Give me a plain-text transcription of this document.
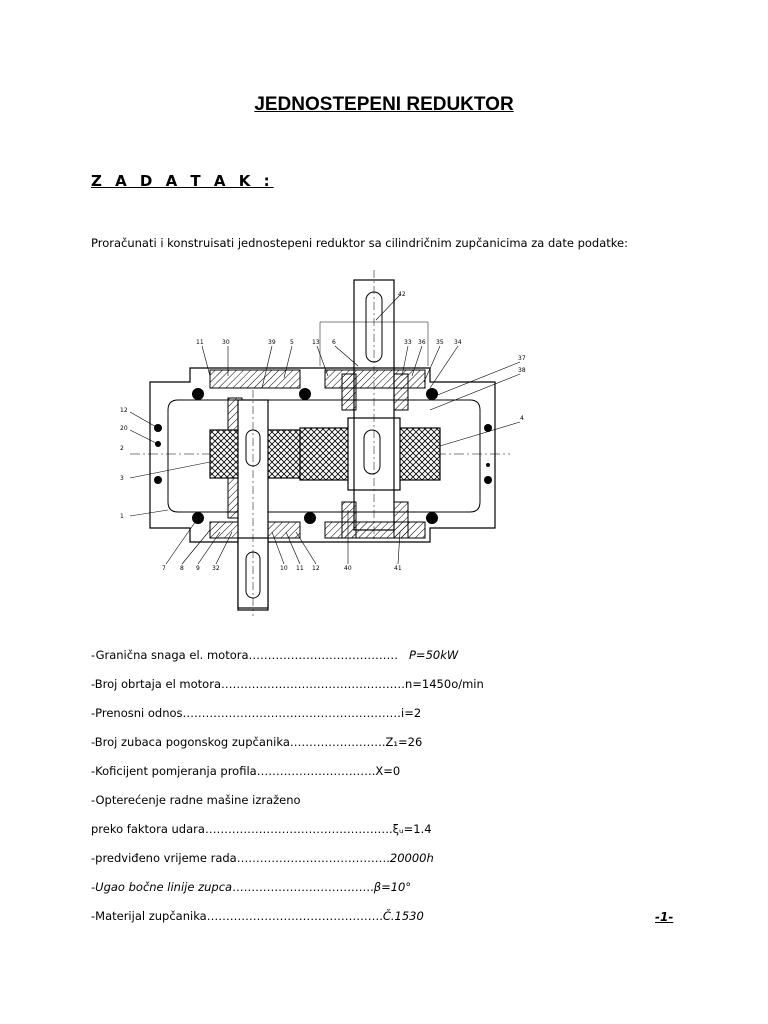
JEDNOSTEPENI REDUKTOR
Z A D A T A K :
Proračunati i konstruisati jednostepeni reduktor sa cilindričnim zupčanicima za date podatke:
11	30	39 5	13 6	33 36 35 34
37
38
42
12
20
2
4
3
1
7 8 9 32	10 11 12	40	41
-Granična snaga el. motora………………………………… P=50kW
-Broj obrtaja el motora…………………………………………n=1450o/min
-Prenosni odnos…………………………………………………i=2
-Broj zubaca pogonskog zupčanika…………………….Z₁=26
-Koficijent pomjeranja profila………………………….X=0
-Opterećenje radne mašine izraženo
preko faktora udara………………………………………….ξᵤ=1.4
-predviđeno vrijeme rada………………………………….20000h
-Ugao bočne linije zupca……………………………….β=10°
-Materijal zupčanika……………………………………….Č.1530	-1-
